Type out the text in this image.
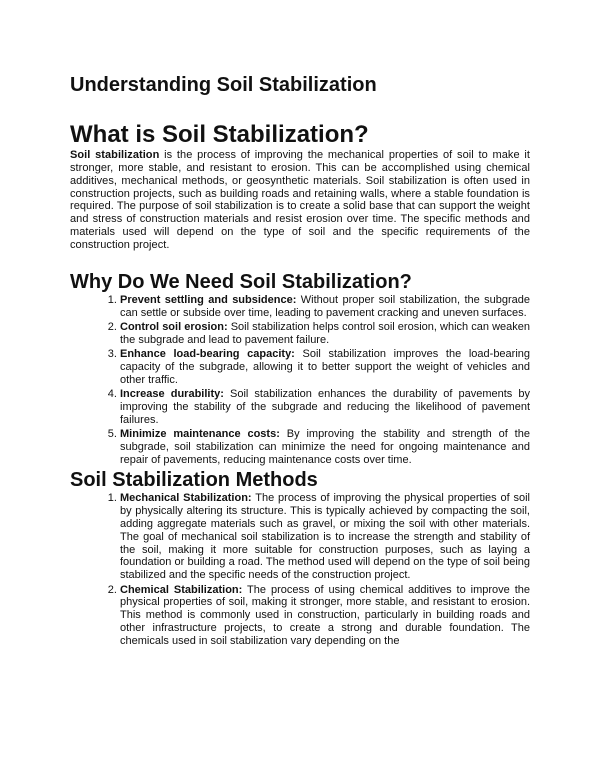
Understanding Soil Stabilization
What is Soil Stabilization?

Soil stabilization is the process of improving the mechanical properties of soil to make it stronger, more stable, and resistant to erosion. This can be accomplished using chemical additives, mechanical methods, or geosynthetic materials. Soil stabilization is often used in construction projects, such as building roads and retaining walls, where a stable foundation is required. The purpose of soil stabilization is to create a solid base that can support the weight and stress of construction materials and resist erosion over time. The specific methods and materials used will depend on the type of soil and the specific requirements of the construction project.

Why Do We Need Soil Stabilization?
1. Prevent settling and subsidence: Without proper soil stabilization, the subgrade can settle or subside over time, leading to pavement cracking and uneven surfaces.
2. Control soil erosion: Soil stabilization helps control soil erosion, which can weaken the subgrade and lead to pavement failure.
3. Enhance load-bearing capacity: Soil stabilization improves the load-bearing capacity of the subgrade, allowing it to better support the weight of vehicles and other traffic.
4. Increase durability: Soil stabilization enhances the durability of pavements by improving the stability of the subgrade and reducing the likelihood of pavement failures.
5. Minimize maintenance costs: By improving the stability and strength of the subgrade, soil stabilization can minimize the need for ongoing maintenance and repair of pavements, reducing maintenance costs over time.
Soil Stabilization Methods
1. Mechanical Stabilization: The process of improving the physical properties of soil by physically altering its structure. This is typically achieved by compacting the soil, adding aggregate materials such as gravel, or mixing the soil with other materials. The goal of mechanical soil stabilization is to increase the strength and stability of the soil, making it more suitable for construction purposes, such as laying a foundation or building a road. The method used will depend on the type of soil being stabilized and the specific needs of the construction project.
2. Chemical Stabilization: The process of using chemical additives to improve the physical properties of soil, making it stronger, more stable, and resistant to erosion. This method is commonly used in construction, particularly in building roads and other infrastructure projects, to create a strong and durable foundation. The chemicals used in soil stabilization vary depending on the
